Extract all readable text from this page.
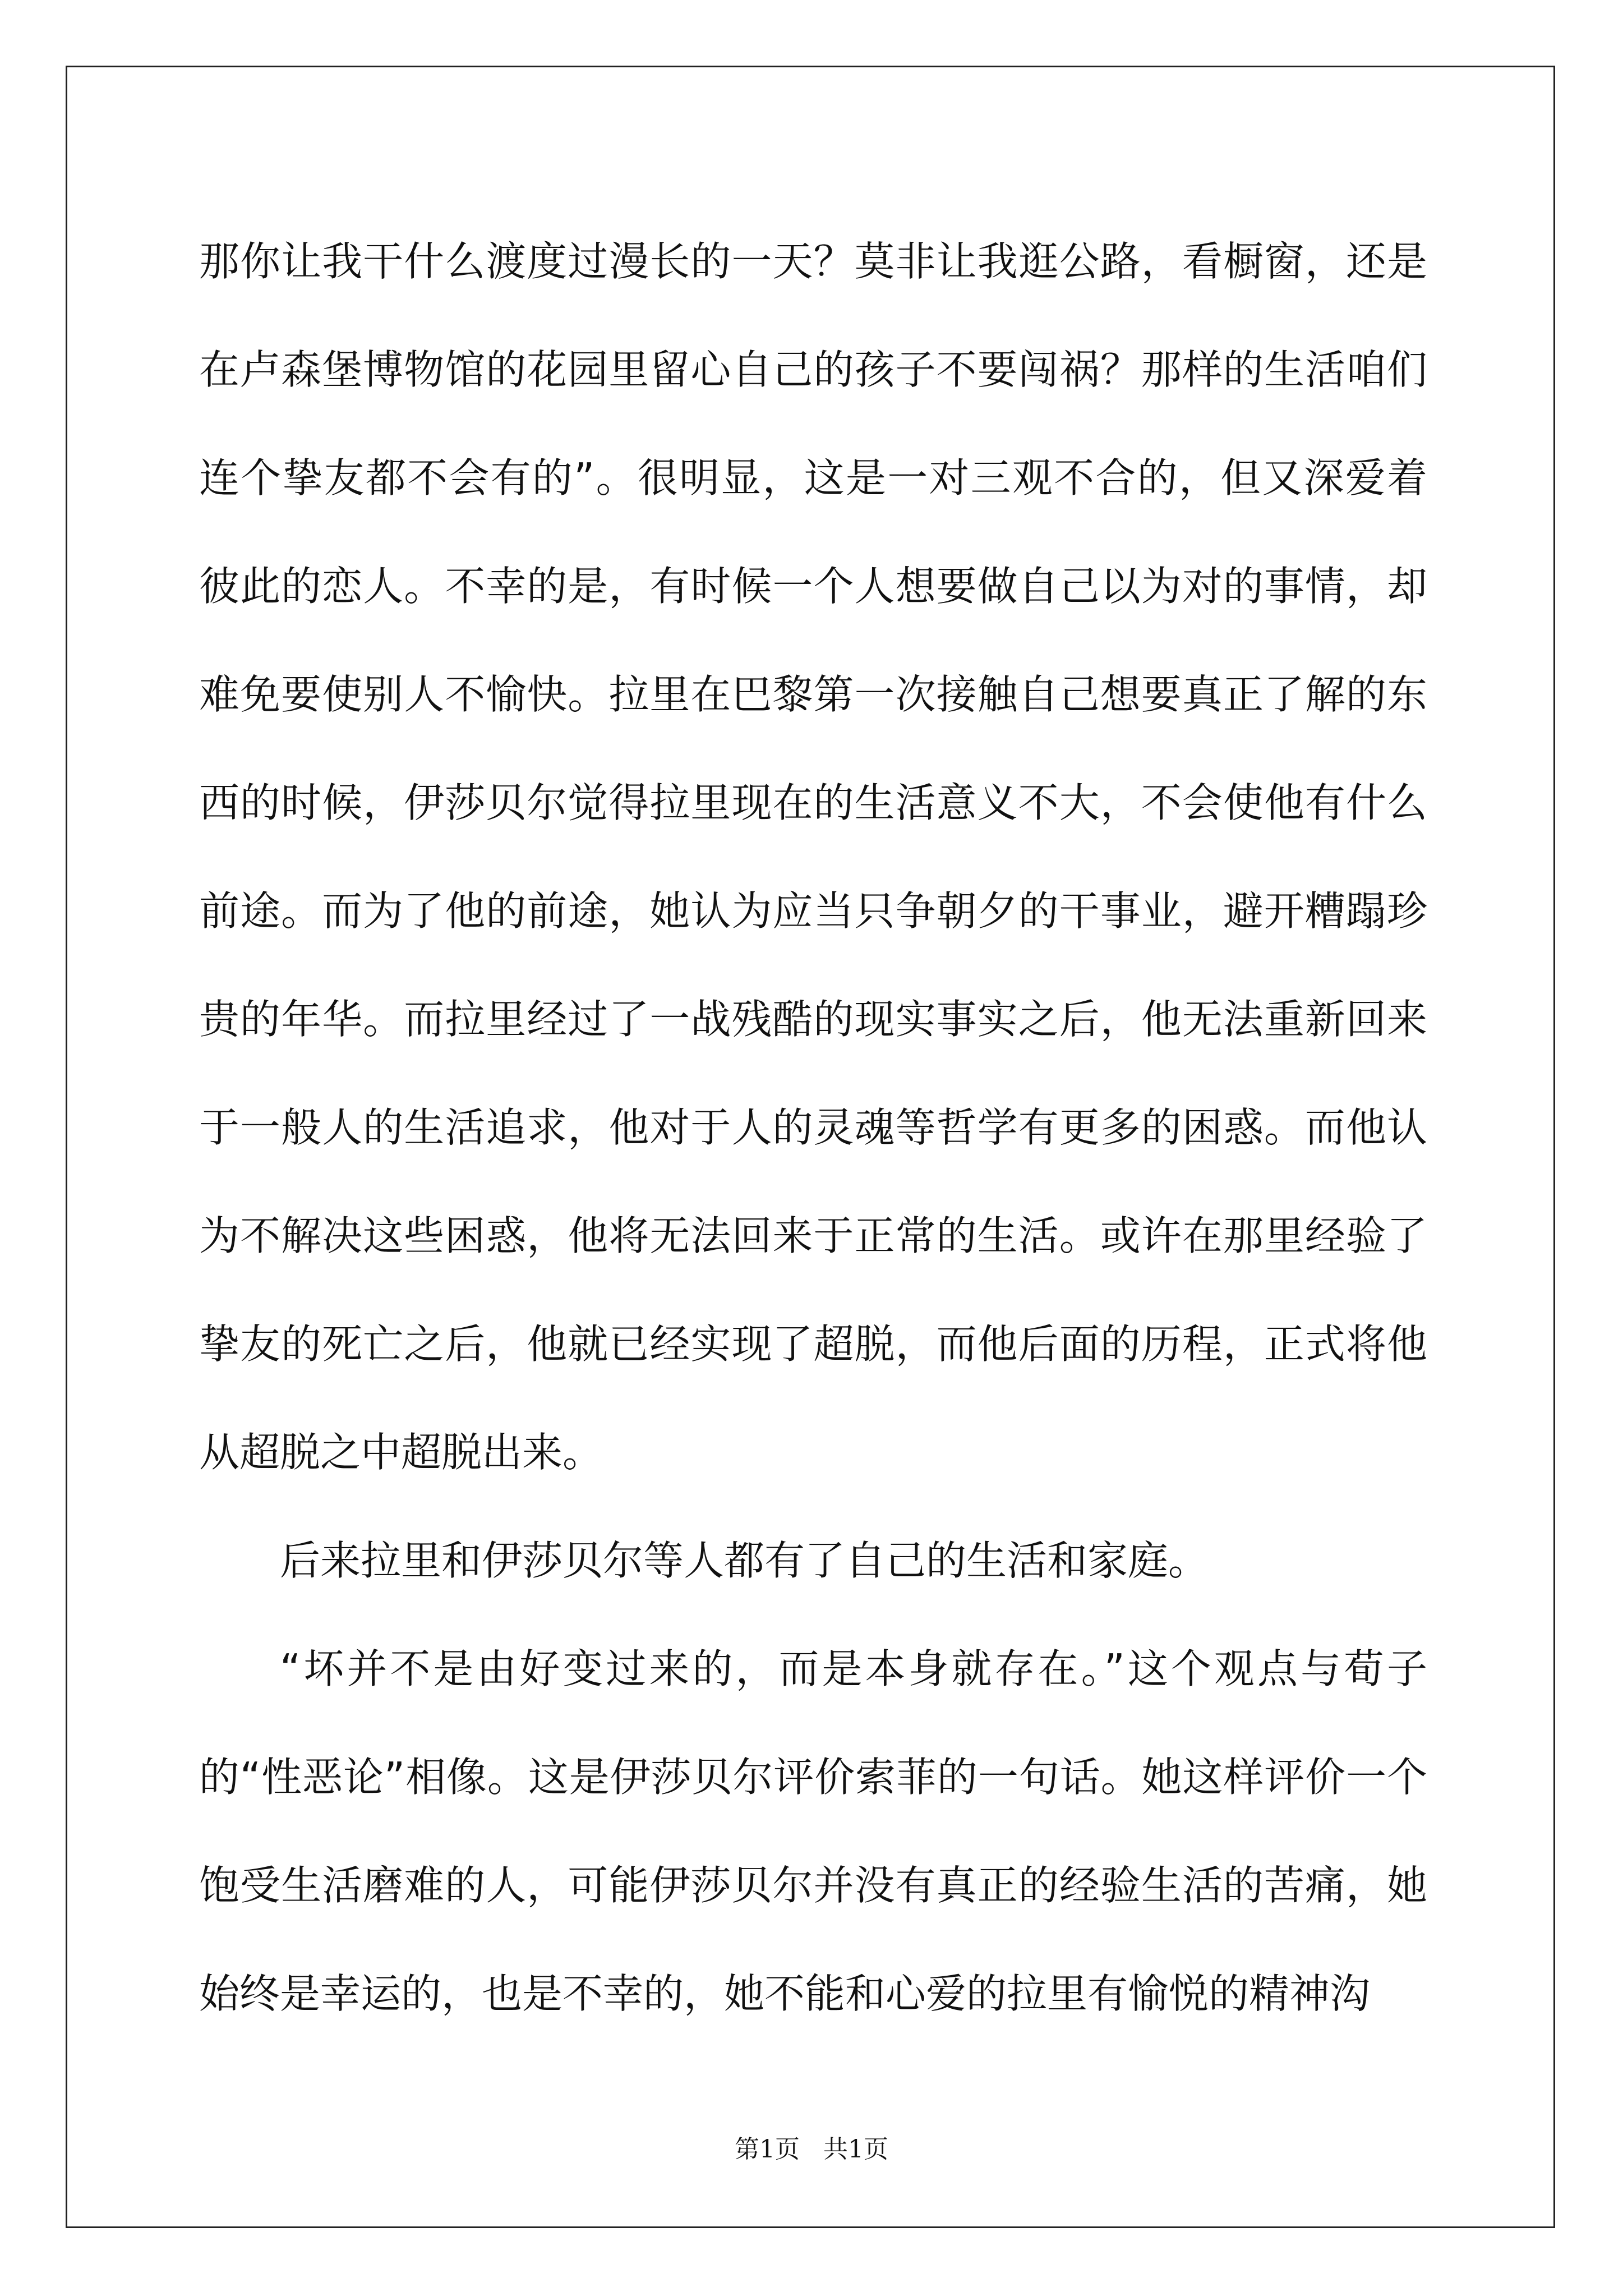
那你让我干什么渡度过漫长的一天？莫非让我逛公路，看橱窗，还是在卢森堡博物馆的花园里留心自己的孩子不要闯祸？那样的生活咱们连个挚友都不会有的”。很明显，这是一对三观不合的，但又深爱着彼此的恋人。不幸的是，有时候一个人想要做自己以为对的事情，却难免要使别人不愉快。拉里在巴黎第一次接触自己想要真正了解的东西的时候，伊莎贝尔觉得拉里现在的生活意义不大，不会使他有什么前途。而为了他的前途，她认为应当只争朝夕的干事业，避开糟蹋珍贵的年华。而拉里经过了一战残酷的现实事实之后，他无法重新回来于一般人的生活追求，他对于人的灵魂等哲学有更多的困惑。而他认为不解决这些困惑，他将无法回来于正常的生活。或许在那里经验了挚友的死亡之后，他就已经实现了超脱，而他后面的历程，正式将他从超脱之中超脱出来。

后来拉里和伊莎贝尔等人都有了自己的生活和家庭。

“坏并不是由好变过来的，而是本身就存在。”这个观点与荀子的“性恶论”相像。这是伊莎贝尔评价索菲的一句话。她这样评价一个饱受生活磨难的人，可能伊莎贝尔并没有真正的经验生活的苦痛，她始终是幸运的，也是不幸的，她不能和心爱的拉里有愉悦的精神沟

第1页   共1页
